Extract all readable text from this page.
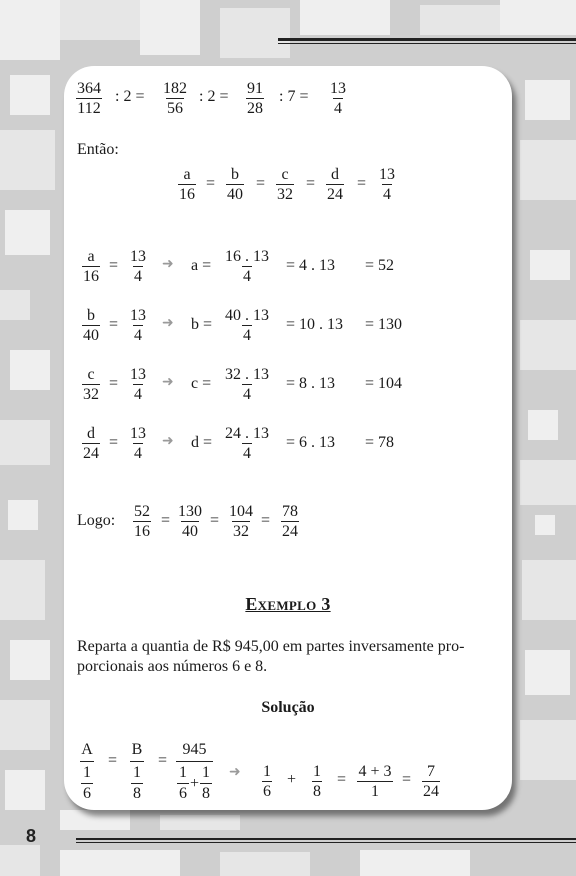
$\frac{364}{112}$ : $2 = \frac{182}{56}$ : $2 = \frac{91}{28}$ : $7 = \frac{13}{4}$
Então:
$\frac{a}{16} = \frac{b}{40} = \frac{c}{32} = \frac{d}{24} = \frac{13}{4}$
$\frac{a}{16} = \frac{13}{4}$ ➜ $a = \frac{16 . 13}{4} = 4$ . 13 = 52
$\frac{b}{40} = \frac{13}{4}$ ➜ $b = \frac{40 . 13}{4} = 10$ . 13 = 130
$\frac{c}{32} = \frac{13}{4}$ ➜ $c = \frac{32 . 13}{4} = 8$ . 13 = 104
$\frac{d}{24} = \frac{13}{4}$ ➜ $d = \frac{24 . 13}{4} = 6$ . 13 = 78
Logo: $\frac{52}{16} = \frac{130}{40} = \frac{104}{32} = \frac{78}{24}$
Exemplo 3
Reparta a quantia de R$ 945,00 em partes inversamente pro-
porcionais aos números 6 e 8.
Solução
A
1
6 = B
1
8 = 945
1
6
+ $\frac{1}{8}$ ➜ $\frac{1}{6} + \frac{1}{8} = \frac{4 + 3}{1} = \frac{7}{24}$
8
